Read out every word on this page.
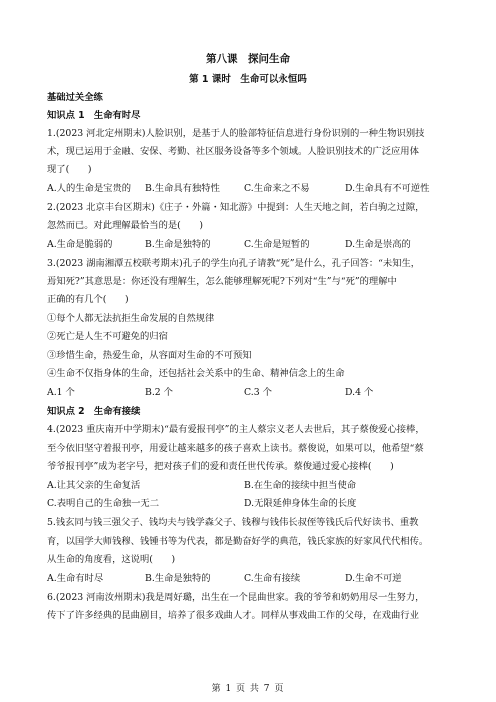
第八课　探问生命
第 1 课时　生命可以永恒吗
基础过关全练
知识点 1　生命有时尽
1.(2023 河北定州期末)人脸识别，是基于人的脸部特征信息进行身份识别的一种生物识别技
术，现已运用于金融、安保、考勤、社区服务设备等多个领域。人脸识别技术的广泛应用体
现了(　　)
A.人的生命是宝贵的 B.生命具有独特性	C.生命来之不易	D.生命具有不可逆性
2.(2023 北京丰台区期末)《庄子・外篇・知北游》中提到：人生天地之间，若白驹之过隙，
忽然而已。对此理解最恰当的是(　　)
A.生命是脆弱的	B.生命是独特的	C.生命是短暂的	D.生命是崇高的
3.(2023 湖南湘潭五校联考期末)孔子的学生向孔子请教“死”是什么，孔子回答：“未知生，
焉知死?”其意思是：你还没有理解生，怎么能够理解死呢?下列对“生”与“死”的理解中
正确的有几个(　　)
①每个人都无法抗拒生命发展的自然规律
②死亡是人生不可避免的归宿
③珍惜生命，热爱生命，从容面对生命的不可预知
④生命不仅指身体的生命，还包括社会关系中的生命、精神信念上的生命
A.1 个	B.2 个	C.3 个	D.4 个
知识点 2　生命有接续
4.(2023 重庆南开中学期末)“最有爱报刊亭”的主人蔡宗义老人去世后，其子蔡俊爱心接棒，
至今依旧坚守着报刊亭，用爱让越来越多的孩子喜欢上读书。蔡俊说，如果可以，他希望“蔡
爷爷报刊亭”成为老字号，把对孩子们的爱和责任世代传承。蔡俊通过爱心接棒(　　)
A.让其父亲的生命复活	B.在生命的接续中担当使命
C.表明自己的生命独一无二	D.无限延伸身体生命的长度
5.钱玄同与钱三强父子、钱均夫与钱学森父子、钱穆与钱伟长叔侄等钱氏后代好读书、重教
育，以国学大师钱穆、钱锺书等为代表，都是勤奋好学的典范，钱氏家族的好家风代代相传。
从生命的角度看，这说明(　　)
A.生命有时尽	B.生命是独特的	C.生命有接续	D.生命不可逆
6.(2023 河南汝州期末)我是周好璐，出生在一个昆曲世家。我的爷爷和奶奶用尽一生努力，
传下了许多经典的昆曲剧目，培养了很多戏曲人才。同样从事戏曲工作的父母，在戏曲行业
第 1 页 共 7 页
